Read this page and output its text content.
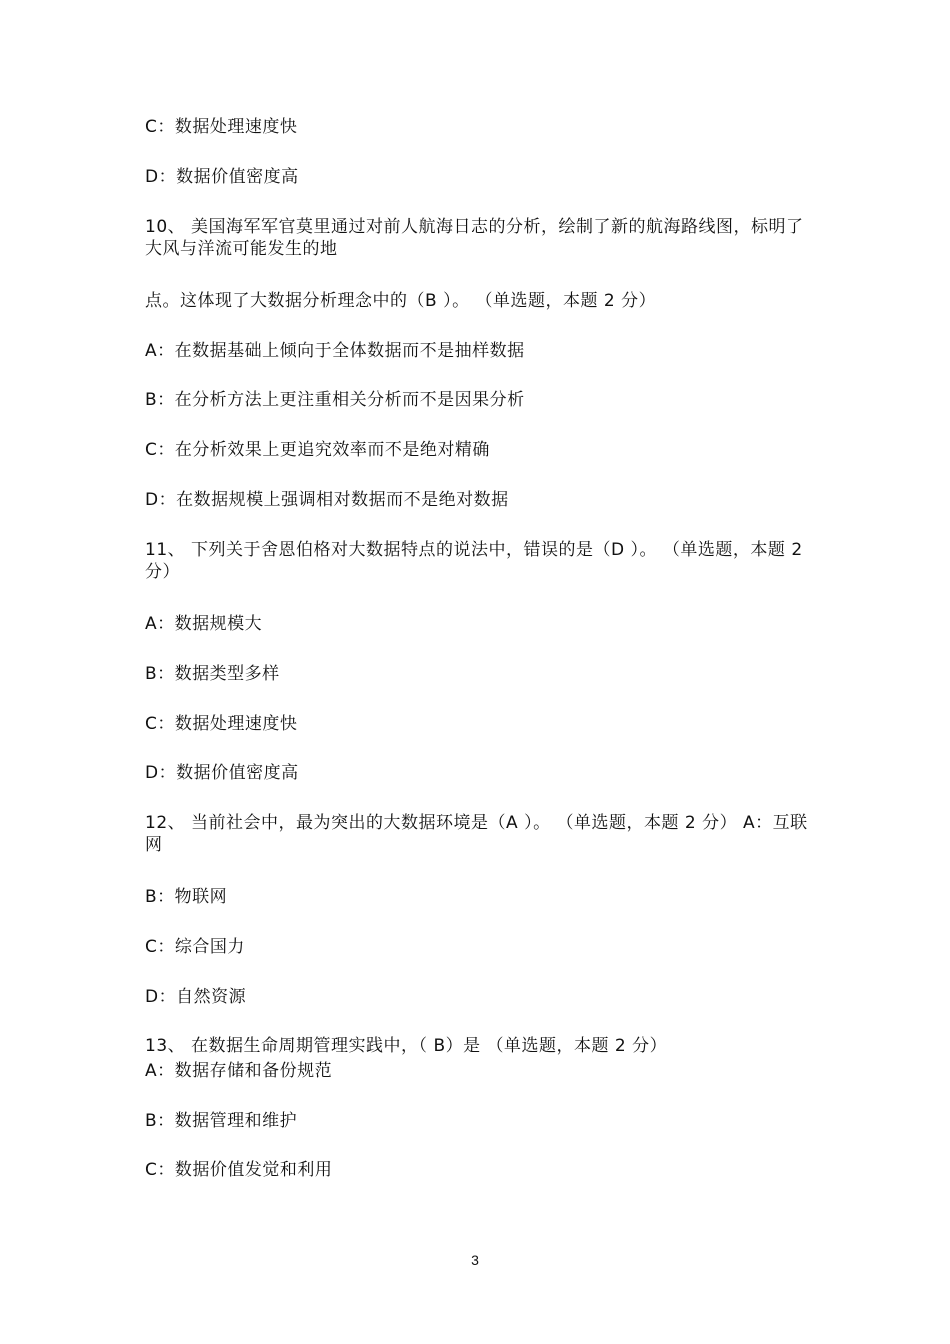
C：数据处理速度快
D：数据价值密度高
10、 美国海军军官莫里通过对前人航海日志的分析，绘制了新的航海路线图，标明了大风与洋流可能发生的地
点。这体现了大数据分析理念中的（B ）。 （单选题，本题 2 分）
A：在数据基础上倾向于全体数据而不是抽样数据
B：在分析方法上更注重相关分析而不是因果分析
C：在分析效果上更追究效率而不是绝对精确
D：在数据规模上强调相对数据而不是绝对数据
11、 下列关于舍恩伯格对大数据特点的说法中，错误的是（D ）。 （单选题，本题 2 分）
A：数据规模大
B：数据类型多样
C：数据处理速度快
D：数据价值密度高
12、 当前社会中，最为突出的大数据环境是（A ）。 （单选题，本题 2 分） A：互联网
B：物联网
C：综合国力
D：自然资源
13、 在数据生命周期管理实践中，（ B）是 （单选题，本题 2 分）
A：数据存储和备份规范
B：数据管理和维护
C：数据价值发觉和利用
3
